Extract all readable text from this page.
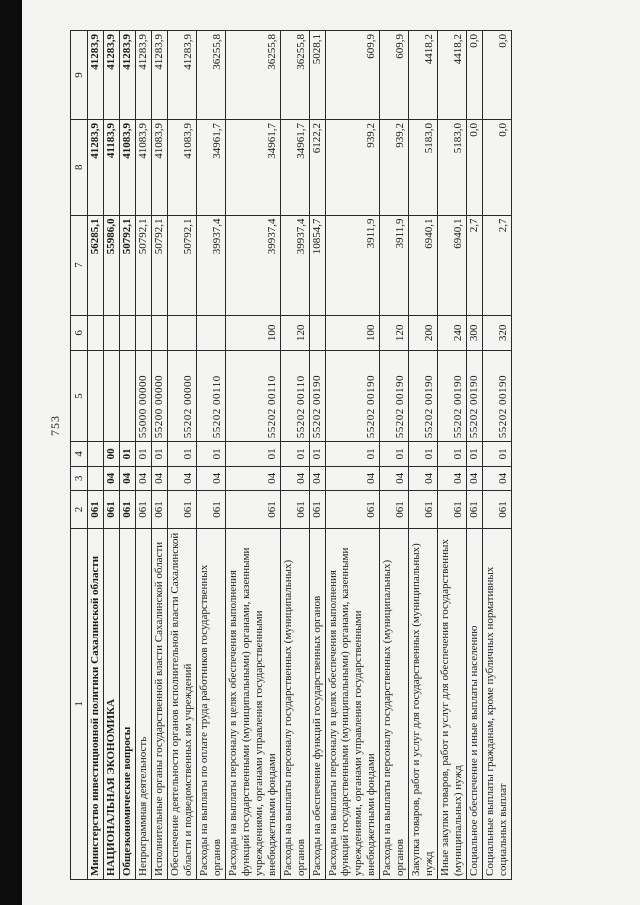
753
1	2	3	4	5	6	7	8	9
Министерство инвестиционной политики Сахалинской области	061					56285,1	41283,9	41283,9
НАЦИОНАЛЬНАЯ ЭКОНОМИКА	061	04	00			55986,0	41183,9	41283,9
Общеэкономические вопросы	061	04	01			50792,1	41083,9	41283,9
Непрограммная деятельность	061	04	01	55000 00000		50792,1	41083,9	41283,9
Исполнительные органы государственной власти Сахалинской области	061	04	01	55200 00000		50792,1	41083,9	41283,9
Обеспечение деятельности органов исполнительной власти Сахалинской области и подведомственных им учреждений	061	04	01	55202 00000		50792,1	41083,9	41283,9
Расходы на выплаты по оплате труда работников государственных органов	061	04	01	55202 00110		39937,4	34961,7	36255,8
Расходы на выплаты персоналу в целях обеспечения выполнения функций государственными (муниципальными) органами, казенными учреждениями, органами управления государственными внебюджетными фондами	061	04	01	55202 00110	100	39937,4	34961,7	36255,8
Расходы на выплаты персоналу государственных (муниципальных) органов	061	04	01	55202 00110	120	39937,4	34961,7	36255,8
Расходы на обеспечение функций государственных органов	061	04	01	55202 00190		10854,7	6122,2	5028,1
Расходы на выплаты персоналу в целях обеспечения выполнения функций государственными (муниципальными) органами, казенными учреждениями, органами управления государственными внебюджетными фондами	061	04	01	55202 00190	100	3911,9	939,2	609,9
Расходы на выплаты персоналу государственных (муниципальных) органов	061	04	01	55202 00190	120	3911,9	939,2	609,9
Закупка товаров, работ и услуг для государственных (муниципальных) нужд	061	04	01	55202 00190	200	6940,1	5183,0	4418,2
Иные закупки товаров, работ и услуг для обеспечения государственных (муниципальных) нужд	061	04	01	55202 00190	240	6940,1	5183,0	4418,2
Социальное обеспечение и иные выплаты населению	061	04	01	55202 00190	300	2,7	0,0	0,0
Социальные выплаты гражданам, кроме публичных нормативных социальных выплат	061	04	01	55202 00190	320	2,7	0,0	0,0
